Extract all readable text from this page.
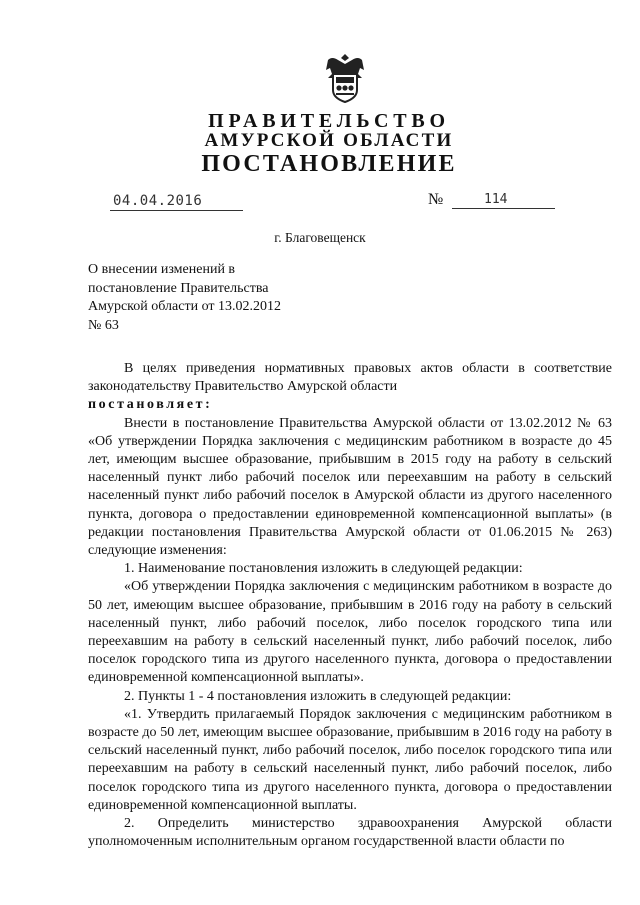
ПРАВИТЕЛЬСТВО
АМУРСКОЙ ОБЛАСТИ
ПОСТАНОВЛЕНИЕ
04.04.2016	№	114
г. Благовещенск
О внесении изменений в
постановление Правительства
Амурской области от 13.02.2012
№ 63

В целях приведения нормативных правовых актов области в соответствие законодательству Правительство Амурской области

постановляет:

Внести в постановление Правительства Амурской области от 13.02.2012 № 63 «Об утверждении Порядка заключения с медицинским работником в возрасте до 45 лет, имеющим высшее образование, прибывшим в 2015 году на работу в сельский населенный пункт либо рабочий поселок или переехавшим на работу в сельский населенный пункт либо рабочий поселок в Амурской области из другого населенного пункта, договора о предоставлении единовременной компенсационной выплаты» (в редакции постановления Правительства Амурской области от 01.06.2015 № 263) следующие изменения:

1. Наименование постановления изложить в следующей редакции:

«Об утверждении Порядка заключения с медицинским работником в возрасте до 50 лет, имеющим высшее образование, прибывшим в 2016 году на работу в сельский населенный пункт, либо рабочий поселок, либо поселок городского типа или переехавшим на работу в сельский населенный пункт, либо рабочий поселок, либо поселок городского типа из другого населенного пункта, договора о предоставлении единовременной компенсационной выплаты».

2. Пункты 1 - 4 постановления изложить в следующей редакции:

«1. Утвердить прилагаемый Порядок заключения с медицинским работником в возрасте до 50 лет, имеющим высшее образование, прибывшим в 2016 году на работу в сельский населенный пункт, либо рабочий поселок, либо поселок городского типа или переехавшим на работу в сельский населенный пункт, либо рабочий поселок, либо поселок городского типа из другого населенного пункта, договора о предоставлении единовременной компенсационной выплаты.

2. Определить министерство здравоохранения Амурской области уполномоченным исполнительным органом государственной власти области по
